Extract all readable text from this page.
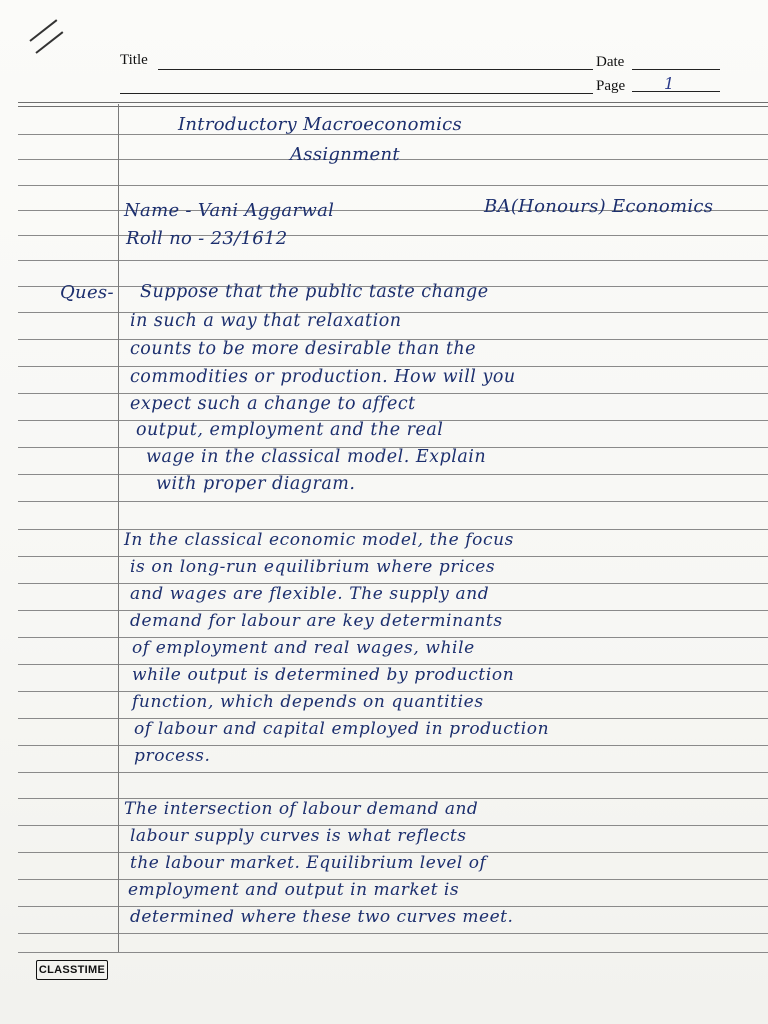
Title	Date
Page 1
Introductory Macroeconomics
Assignment
Name - Vani Aggarwal	BA(Honours) Economics
Roll no - 23/1612
Ques- Suppose that the public taste change
in such a way that relaxation
counts to be more desirable than the
commodities or production. How will you
expect such a change to affect
output, employment and the real
wage in the classical model. Explain
with proper diagram.
In the classical economic model, the focus
is on long-run equilibrium where prices
and wages are flexible. The supply and
demand for labour are key determinants
of employment and real wages, while
while output is determined by production
function, which depends on quantities
of labour and capital employed in production
process.
The intersection of labour demand and
labour supply curves is what reflects
the labour market. Equilibrium level of
employment and output in market is
determined where these two curves meet.
CLASSTIME
